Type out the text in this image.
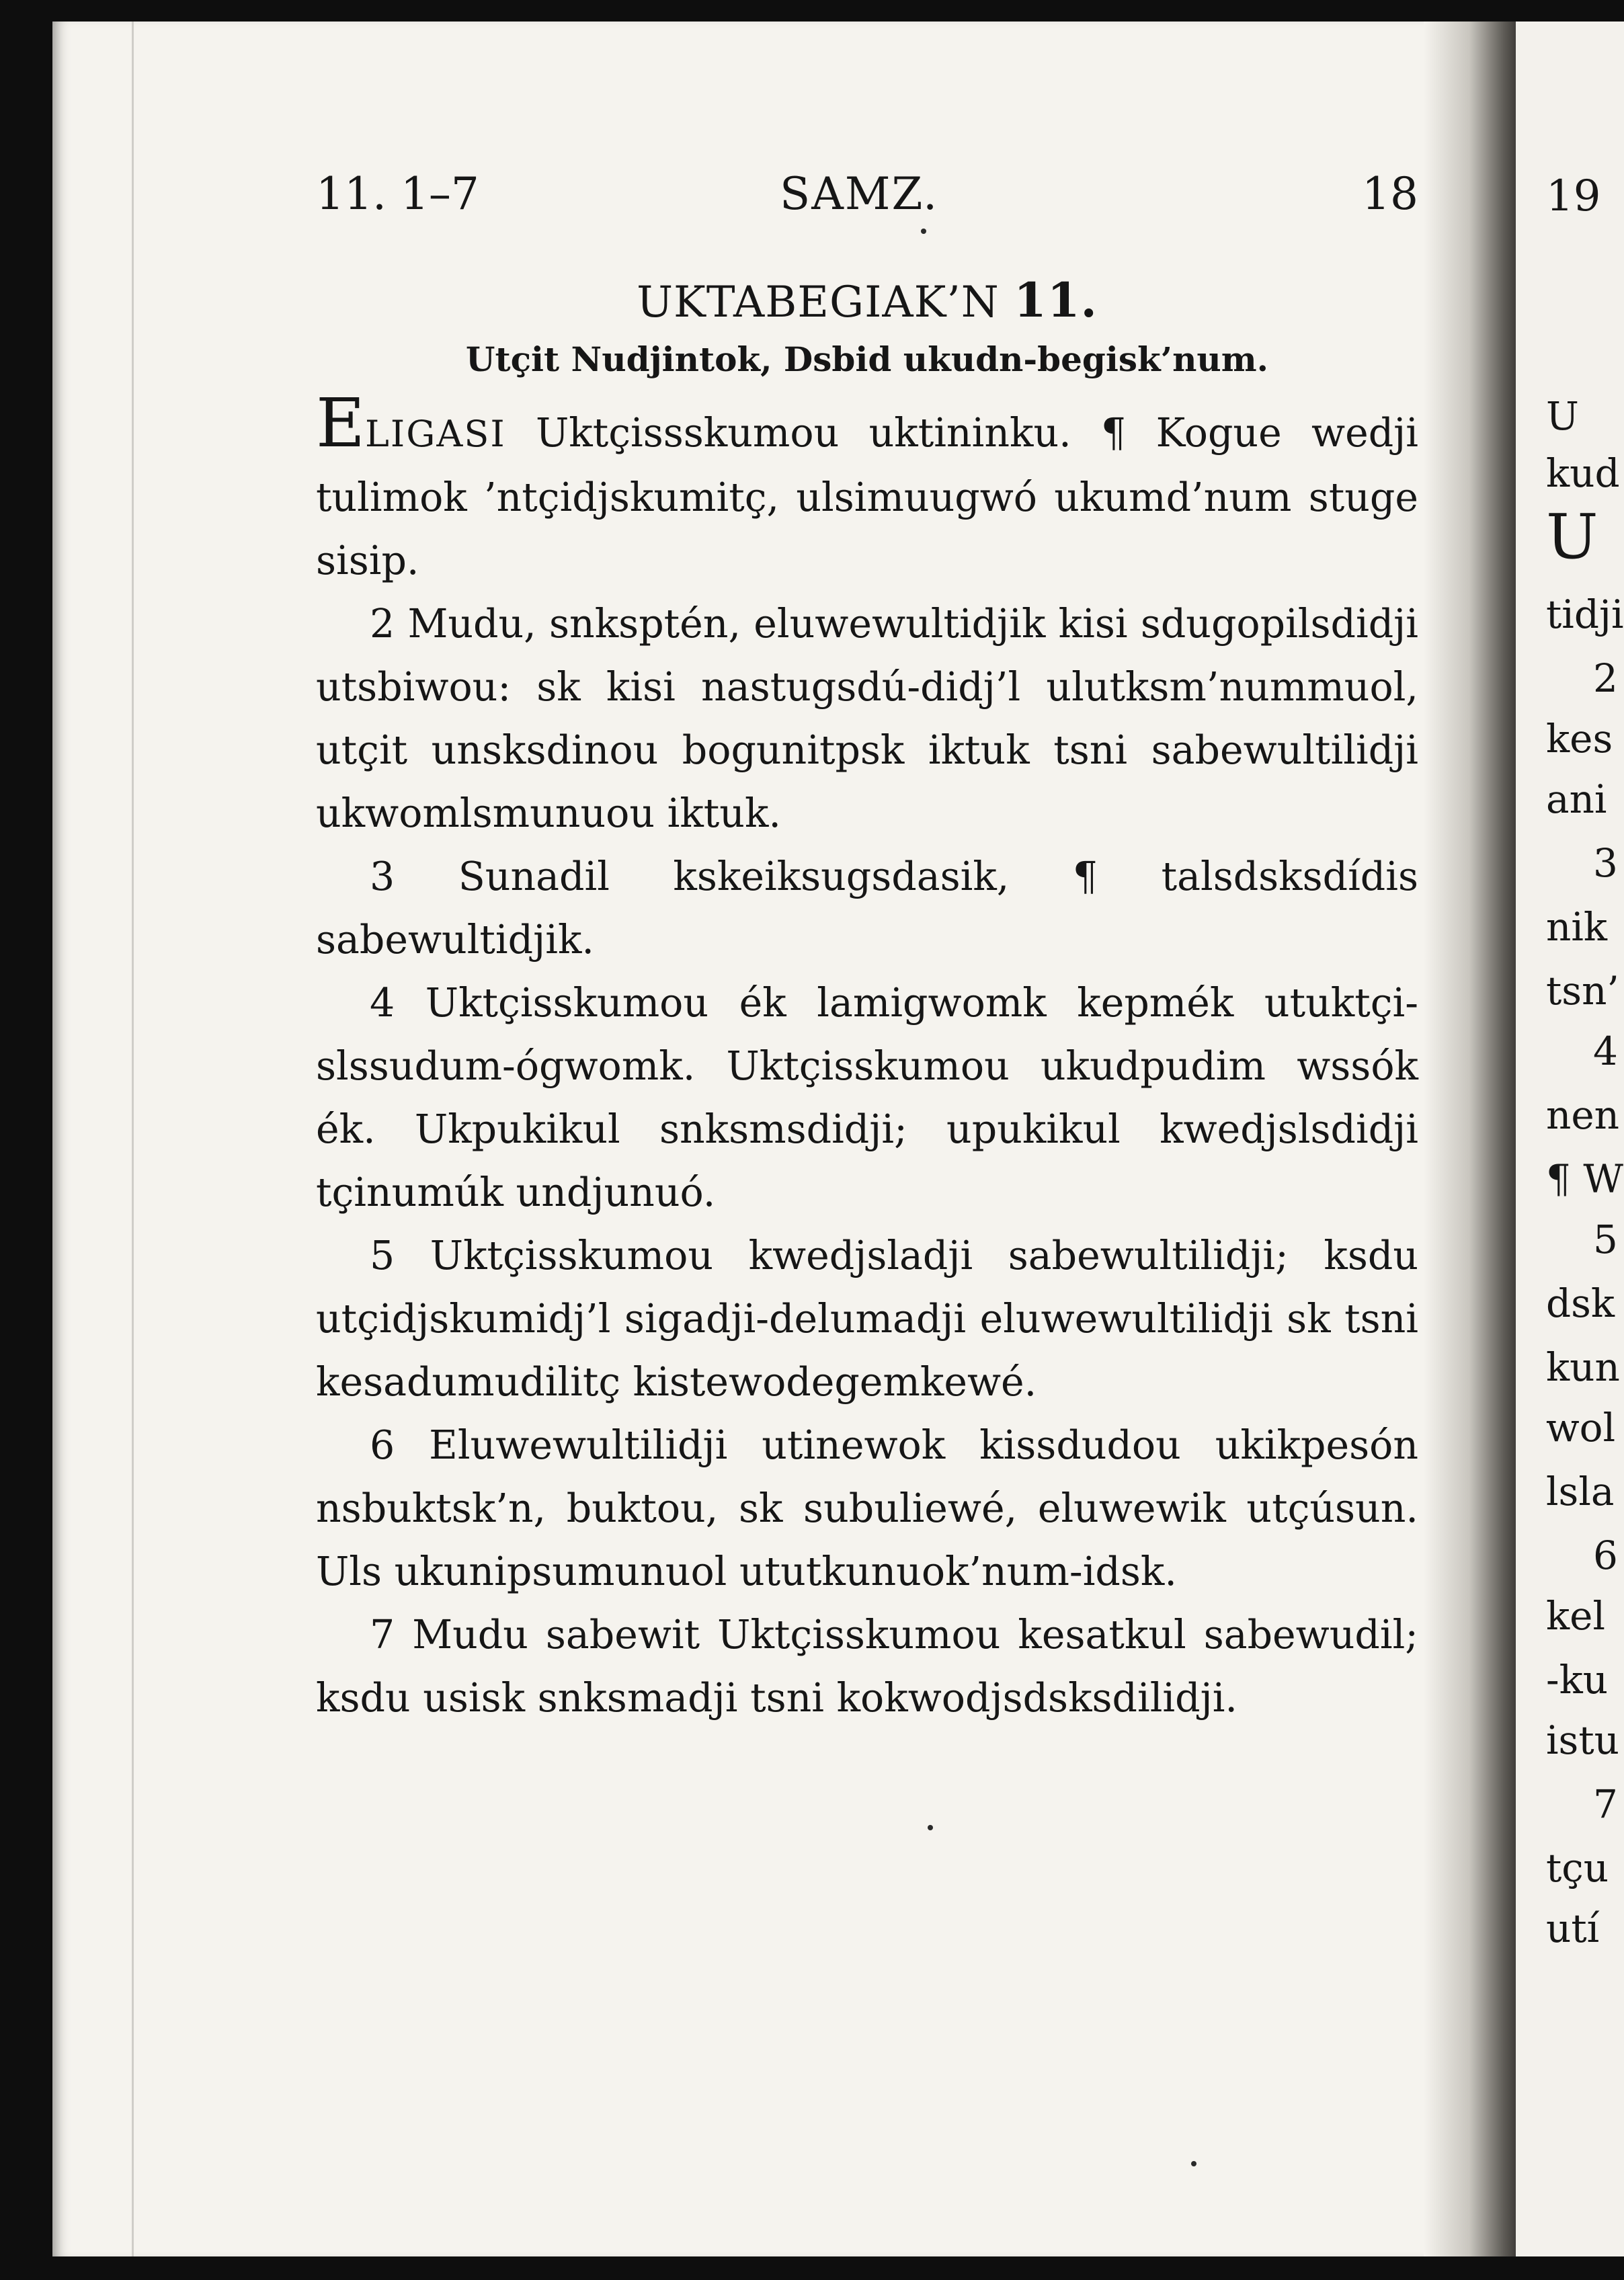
11. 1–7	SAMZ.	18
UKTABEGIAK’N 11.
Utçit Nudjintok, Dsbid ukudn-begisk’num.

ELIGASI Uktçissskumou uktininku. ¶ Kogue wedji tulimok ’ntçidjskumitç, ulsimuugwó ukumd’num stuge sisip.

2 Mudu, snksptén, eluwewultidjik kisi sdugopilsdidji utsbiwou: sk kisi nastugsdú-didj’l ulutksm’nummuol, utçit unsksdinou bogunitpsk iktuk tsni sabewultilidji ukwomlsmunuou iktuk.

3 Sunadil kskeiksugsdasik, ¶ talsdsksdídis sabewultidjik.

4 Uktçisskumou ék lamigwomk kepmék utuktçi-slssudum-ógwomk. Uktçisskumou ukudpudim wssók ék. Ukpukikul snksmsdidji; upukikul kwedjslsdidji tçinumúk undjunuó.

5 Uktçisskumou kwedjsladji sabewultilidji; ksdu utçidjskumidj’l sigadji-delumadji eluwewultilidji sk tsni kesadumudilitç kistewodegemkewé.

6 Eluwewultilidji utinewok kissdudou ukikpesón nsbuktsk’n, buktou, sk subuliewé, eluwewik utçúsun. Uls ukunipsumunuol ututkunuok’num-idsk.

7 Mudu sabewit Uktçisskumou kesatkul sabewudil; ksdu usisk snksmadji tsni kokwodjsdsksdilidji.

19
U
kud
U
tidji
2
kes
ani
3
nik
tsn’
4
nen
¶ W
5
dsk
kun
wol
lsla
6
kel
-ku
istu
7
tçu
utí
